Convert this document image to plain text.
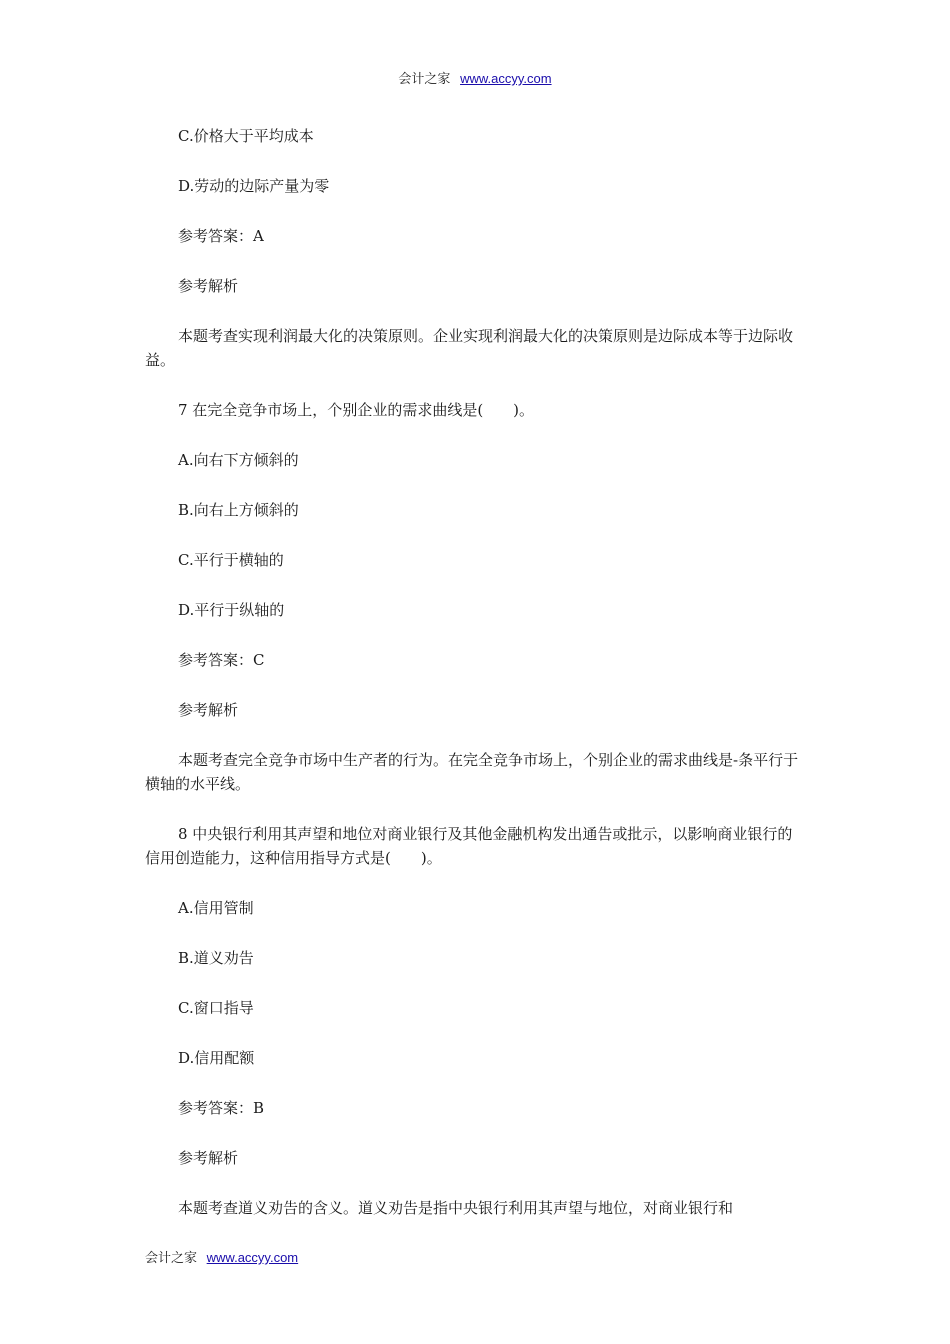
会计之家 www.accyy.com

C.价格大于平均成本

D.劳动的边际产量为零

参考答案：A

参考解析

本题考查实现利润最大化的决策原则。企业实现利润最大化的决策原则是边际成本等于边际收益。

7 在完全竞争市场上，个别企业的需求曲线是(　　)。

A.向右下方倾斜的

B.向右上方倾斜的

C.平行于横轴的

D.平行于纵轴的

参考答案：C

参考解析

本题考查完全竞争市场中生产者的行为。在完全竞争市场上，个别企业的需求曲线是-条平行于横轴的水平线。

8 中央银行利用其声望和地位对商业银行及其他金融机构发出通告或批示，以影响商业银行的信用创造能力，这种信用指导方式是(　　)。

A.信用管制

B.道义劝告

C.窗口指导

D.信用配额

参考答案：B

参考解析

本题考查道义劝告的含义。道义劝告是指中央银行利用其声望与地位，对商业银行和

会计之家 www.accyy.com
